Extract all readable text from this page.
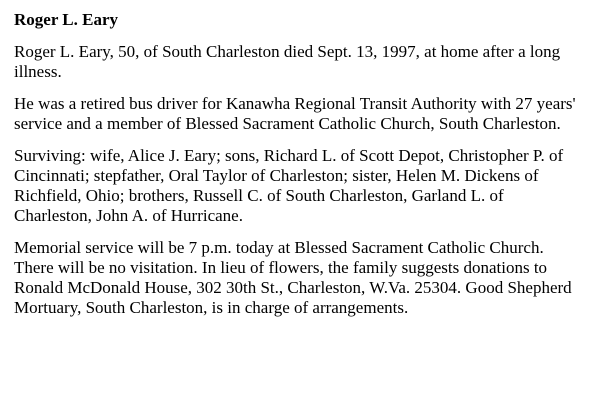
Roger L. Eary

Roger L. Eary, 50, of South Charleston died Sept. 13, 1997, at home after a long illness.

He was a retired bus driver for Kanawha Regional Transit Authority with 27 years' service and a member of Blessed Sacrament Catholic Church, South Charleston.

Surviving: wife, Alice J. Eary; sons, Richard L. of Scott Depot, Christopher P. of Cincinnati; stepfather, Oral Taylor of Charleston; sister, Helen M. Dickens of Richfield, Ohio; brothers, Russell C. of South Charleston, Garland L. of Charleston, John A. of Hurricane.

Memorial service will be 7 p.m. today at Blessed Sacrament Catholic Church. There will be no visitation. In lieu of flowers, the family suggests donations to Ronald McDonald House, 302 30th St., Charleston, W.Va. 25304. Good Shepherd Mortuary, South Charleston, is in charge of arrangements.
